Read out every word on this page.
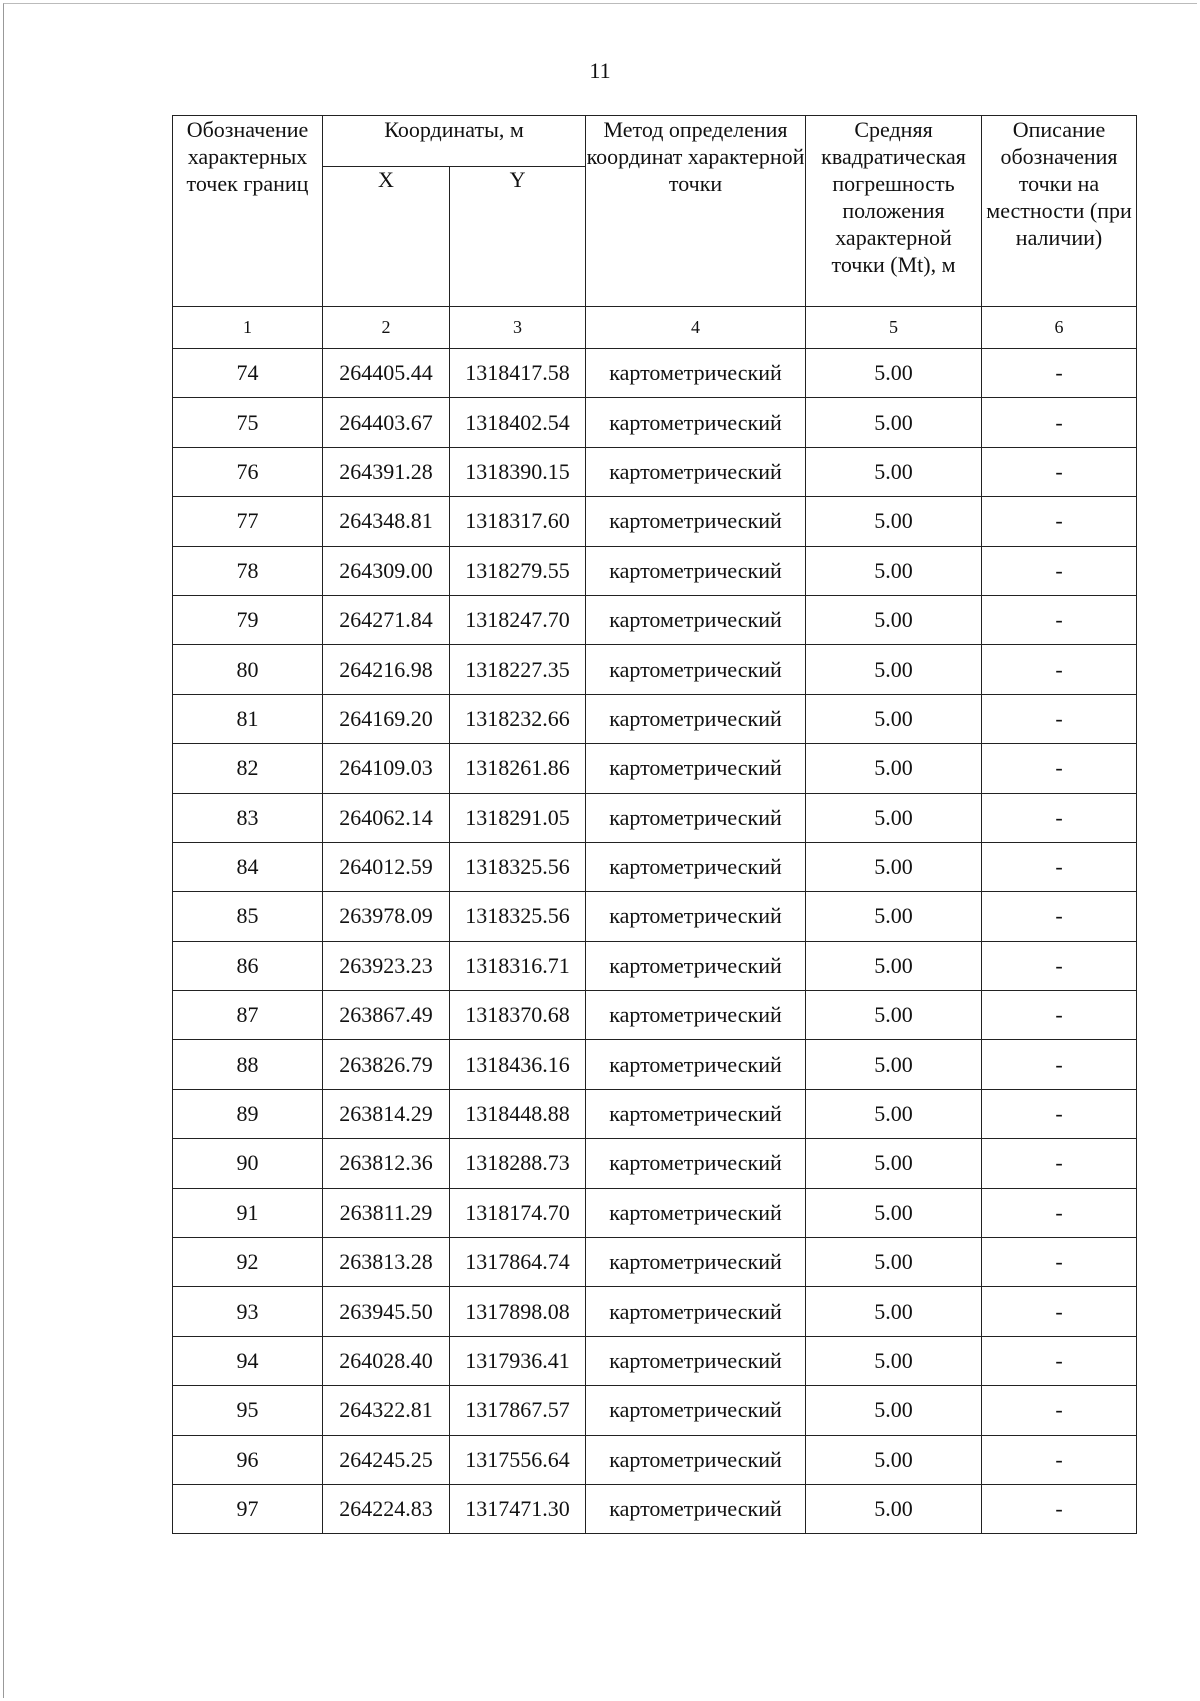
11
Обозначение характерных точек границ	Координаты, м		Метод определения координат характерной точки	Средняя квадратическая погрешность положения характерной точки (Mt), м	Описание обозначения точки на местности (при наличии)
	X	Y			
1	2	3	4	5	6
74	264405.44	1318417.58	картометрический	5.00	-
75	264403.67	1318402.54	картометрический	5.00	-
76	264391.28	1318390.15	картометрический	5.00	-
77	264348.81	1318317.60	картометрический	5.00	-
78	264309.00	1318279.55	картометрический	5.00	-
79	264271.84	1318247.70	картометрический	5.00	-
80	264216.98	1318227.35	картометрический	5.00	-
81	264169.20	1318232.66	картометрический	5.00	-
82	264109.03	1318261.86	картометрический	5.00	-
83	264062.14	1318291.05	картометрический	5.00	-
84	264012.59	1318325.56	картометрический	5.00	-
85	263978.09	1318325.56	картометрический	5.00	-
86	263923.23	1318316.71	картометрический	5.00	-
87	263867.49	1318370.68	картометрический	5.00	-
88	263826.79	1318436.16	картометрический	5.00	-
89	263814.29	1318448.88	картометрический	5.00	-
90	263812.36	1318288.73	картометрический	5.00	-
91	263811.29	1318174.70	картометрический	5.00	-
92	263813.28	1317864.74	картометрический	5.00	-
93	263945.50	1317898.08	картометрический	5.00	-
94	264028.40	1317936.41	картометрический	5.00	-
95	264322.81	1317867.57	картометрический	5.00	-
96	264245.25	1317556.64	картометрический	5.00	-
97	264224.83	1317471.30	картометрический	5.00	-
